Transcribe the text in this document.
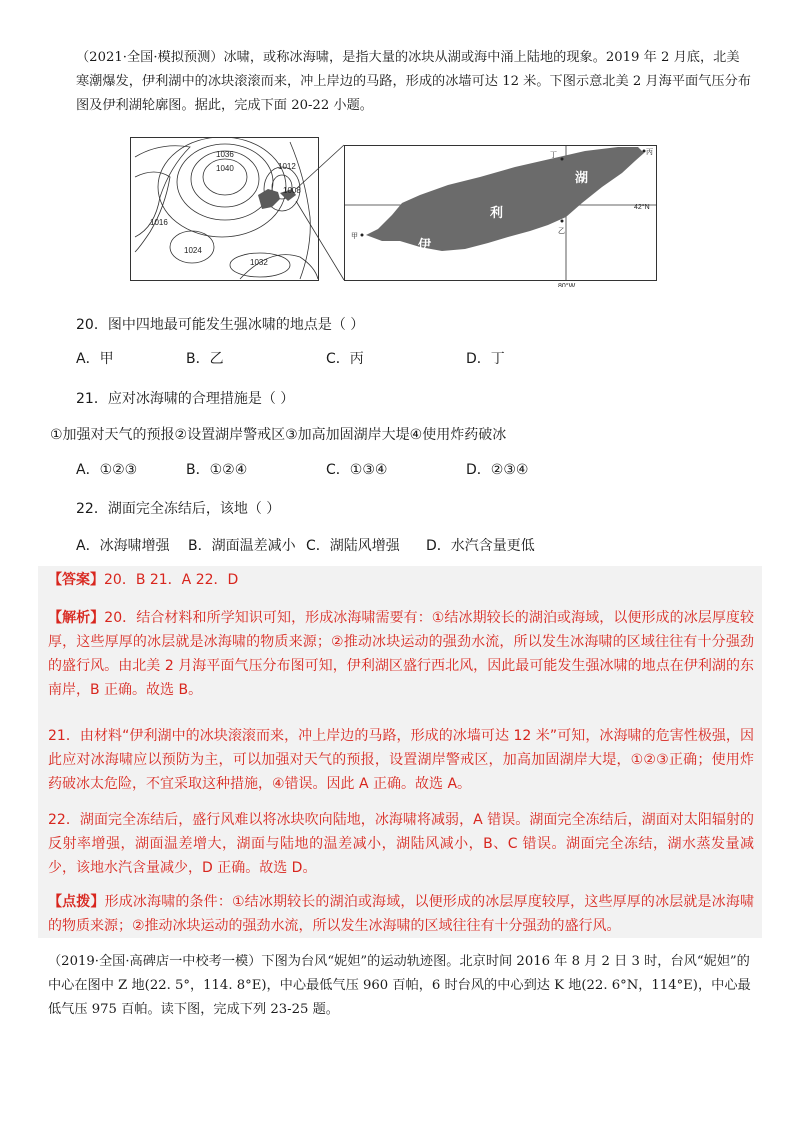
（2021·全国·模拟预测）冰啸，或称冰海啸，是指大量的冰块从湖或海中涌上陆地的现象。2019 年 2 月底，北美寒潮爆发，伊利湖中的冰块滚滚而来，冲上岸边的马路，形成的冰墙可达 12 米。下图示意北美 2 月海平面气压分布图及伊利湖轮廓图。据此，完成下面 20-22 小题。
1036
1040
1016
1024
1032
1012
1008
湖
利
伊
甲
乙
丙
丁
42°N
80°W
20．图中四地最可能发生强冰啸的地点是（ ）
A．甲	B．乙	C．丙	D．丁
21．应对冰海啸的合理措施是（ ）
①加强对天气的预报②设置湖岸警戒区③加高加固湖岸大堤④使用炸药破冰
A．①②③	B．①②④	C．①③④	D．②③④
22．湖面完全冻结后，该地（ ）
A．冰海啸增强 B．湖面温差减小 C．湖陆风增强 D．水汽含量更低
【答案】20．B 21．A 22．D
【解析】20．结合材料和所学知识可知，形成冰海啸需要有：①结冰期较长的湖泊或海域，以便形成的冰层厚度较厚，这些厚厚的冰层就是冰海啸的物质来源；②推动冰块运动的强劲水流，所以发生冰海啸的区域往往有十分强劲的盛行风。由北美 2 月海平面气压分布图可知，伊利湖区盛行西北风，因此最可能发生强冰啸的地点在伊利湖的东南岸，B 正确。故选 B。
21．由材料“伊利湖中的冰块滚滚而来，冲上岸边的马路，形成的冰墙可达 12 米”可知，冰海啸的危害性极强，因此应对冰海啸应以预防为主，可以加强对天气的预报，设置湖岸警戒区，加高加固湖岸大堤，①②③正确；使用炸药破冰太危险，不宜采取这种措施，④错误。因此 A 正确。故选 A。
22．湖面完全冻结后，盛行风难以将冰块吹向陆地，冰海啸将减弱，A 错误。湖面完全冻结后，湖面对太阳辐射的反射率增强，湖面温差增大，湖面与陆地的温差减小，湖陆风减小，B、C 错误。湖面完全冻结，湖水蒸发量减少，该地水汽含量减少，D 正确。故选 D。
【点拨】形成冰海啸的条件：①结冰期较长的湖泊或海域，以便形成的冰层厚度较厚，这些厚厚的冰层就是冰海啸的物质来源；②推动冰块运动的强劲水流，所以发生冰海啸的区域往往有十分强劲的盛行风。
（2019·全国·高碑店一中校考一模）下图为台风“妮妲”的运动轨迹图。北京时间 2016 年 8 月 2 日 3 时，台风“妮妲”的中心在图中 Z 地(22. 5°，114. 8°E)，中心最低气压 960 百帕，6 时台风的中心到达 K 地(22. 6°N，114°E)，中心最低气压 975 百帕。读下图，完成下列 23-25 题。
